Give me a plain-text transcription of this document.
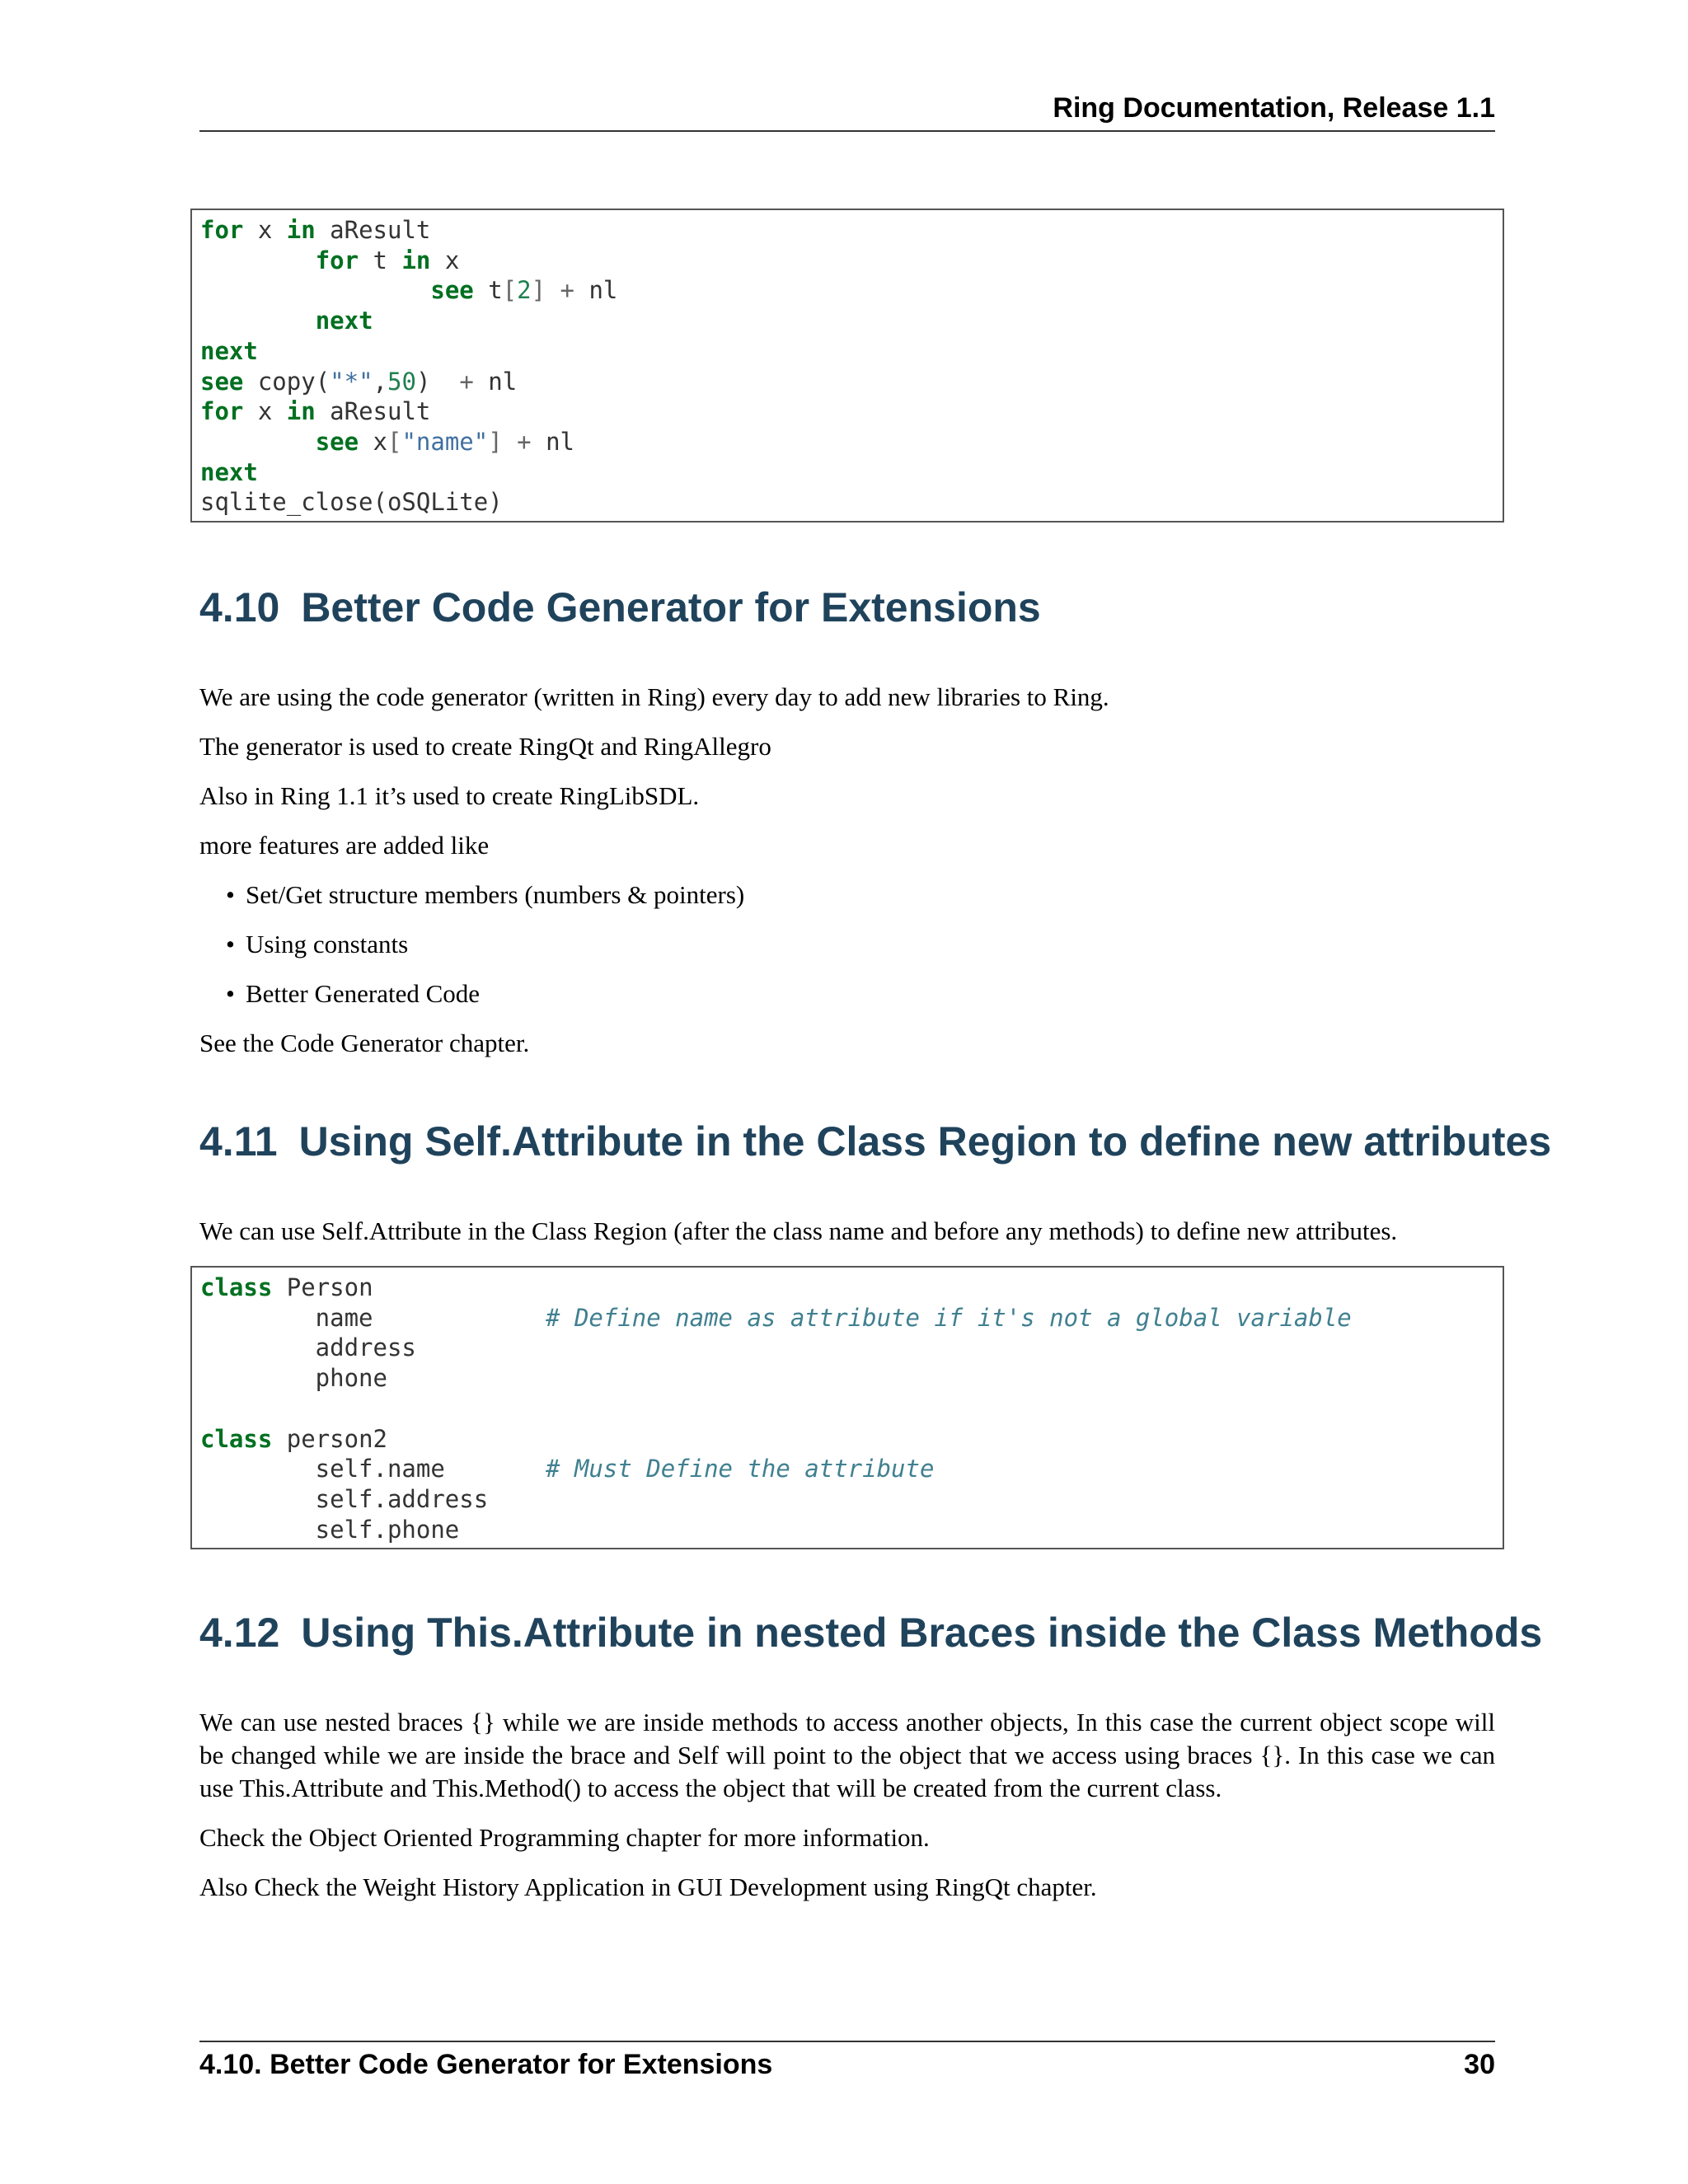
Ring Documentation, Release 1.1
for x in aResult
for t in x
see t[2] + nl
next
next
see copy("*",50)  + nl
for x in aResult
see x["name"] + nl
next
sqlite_close(oSQLite)
4.10 Better Code Generator for Extensions

We are using the code generator (written in Ring) every day to add new libraries to Ring.

The generator is used to create RingQt and RingAllegro

Also in Ring 1.1 it’s used to create RingLibSDL.

more features are added like

• Set/Get structure members (numbers & pointers)

• Using constants

• Better Generated Code

See the Code Generator chapter.

4.11 Using Self.Attribute in the Class Region to define new attributes

We can use Self.Attribute in the Class Region (after the class name and before any methods) to define new attributes.

class Person
name            # Define name as attribute if it's not a global variable
address
phone

class person2
self.name       # Must Define the attribute
self.address
self.phone
4.12 Using This.Attribute in nested Braces inside the Class Methods

We can use nested braces {} while we are inside methods to access another objects, In this case the current object scope will be changed while we are inside the brace and Self will point to the object that we access using braces {}. In this case we can use This.Attribute and This.Method() to access the object that will be created from the current class.

Check the Object Oriented Programming chapter for more information.

Also Check the Weight History Application in GUI Development using RingQt chapter.

4.10. Better Code Generator for Extensions	30
